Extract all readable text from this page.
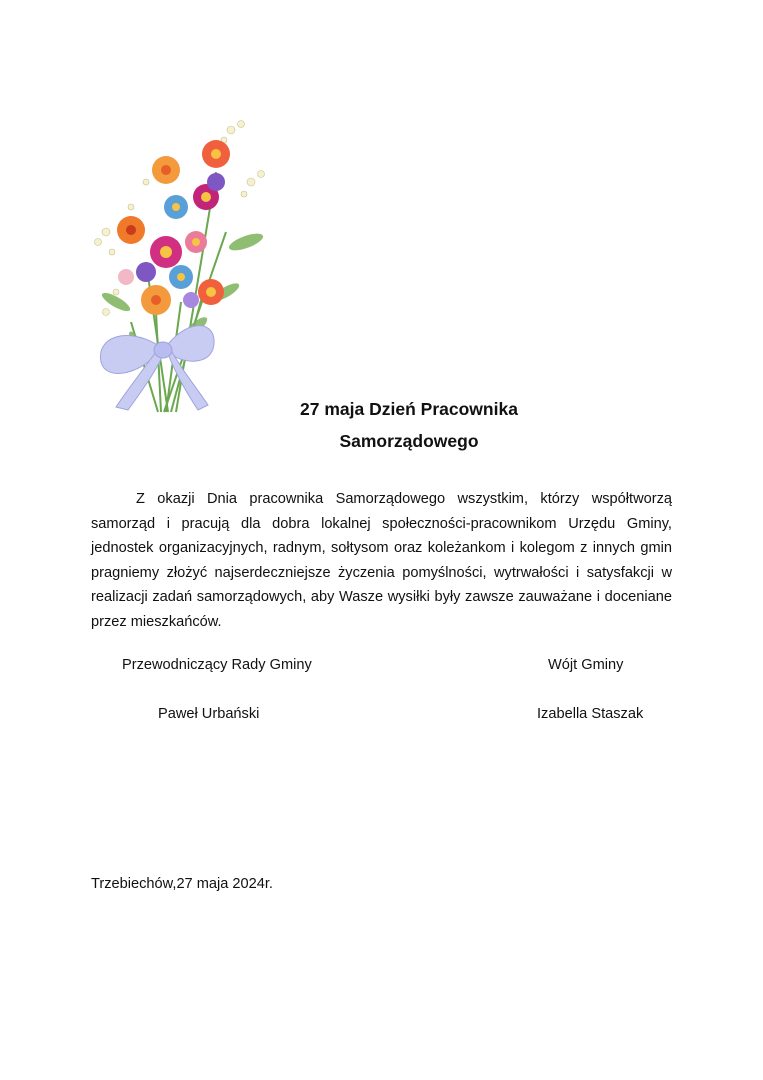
27 maja Dzień Pracownika
Samorządowego
Z okazji Dnia pracownika Samorządowego wszystkim, którzy współtworzą samorząd i pracują dla dobra lokalnej społeczności-pracownikom Urzędu Gminy, jednostek organizacyjnych, radnym, sołtysom oraz koleżankom i kolegom z innych gmin pragniemy złożyć najserdeczniejsze życzenia pomyślności, wytrwałości i satysfakcji w realizacji zadań samorządowych, aby Wasze wysiłki były zawsze zauważane i doceniane przez mieszkańców.
Przewodniczący Rady Gminy
Paweł Urbański
Wójt Gminy
Izabella Staszak
Trzebiechów,27 maja 2024r.
